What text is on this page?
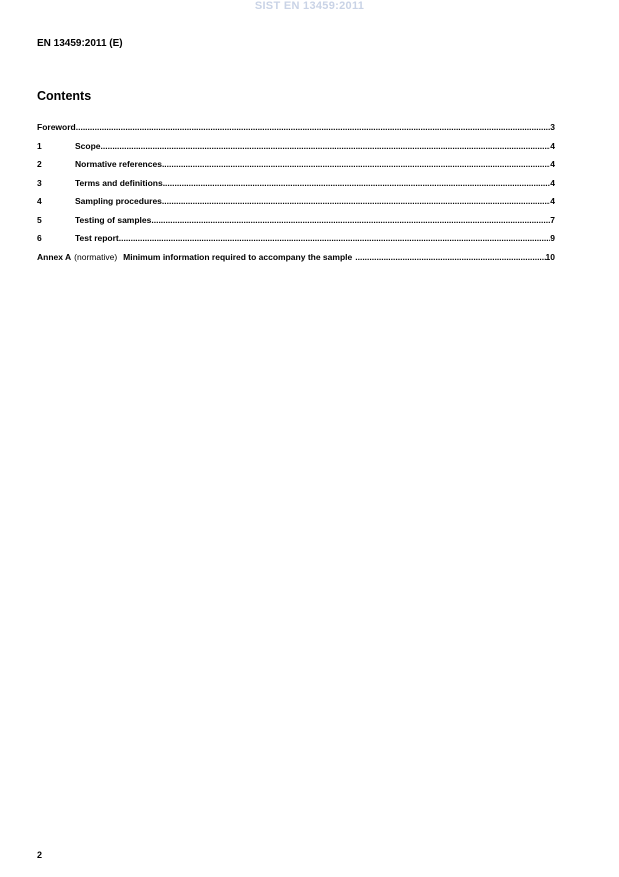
SIST EN 13459:2011
EN 13459:2011 (E)
Contents
Foreword .....	3
1	Scope .....	4
2	Normative references .....	4
3	Terms and definitions .....	4
4	Sampling procedures .....	4
5	Testing of samples .....	7
6	Test report .....	9
Annex A (normative) Minimum information required to accompany the sample .....	10
2
